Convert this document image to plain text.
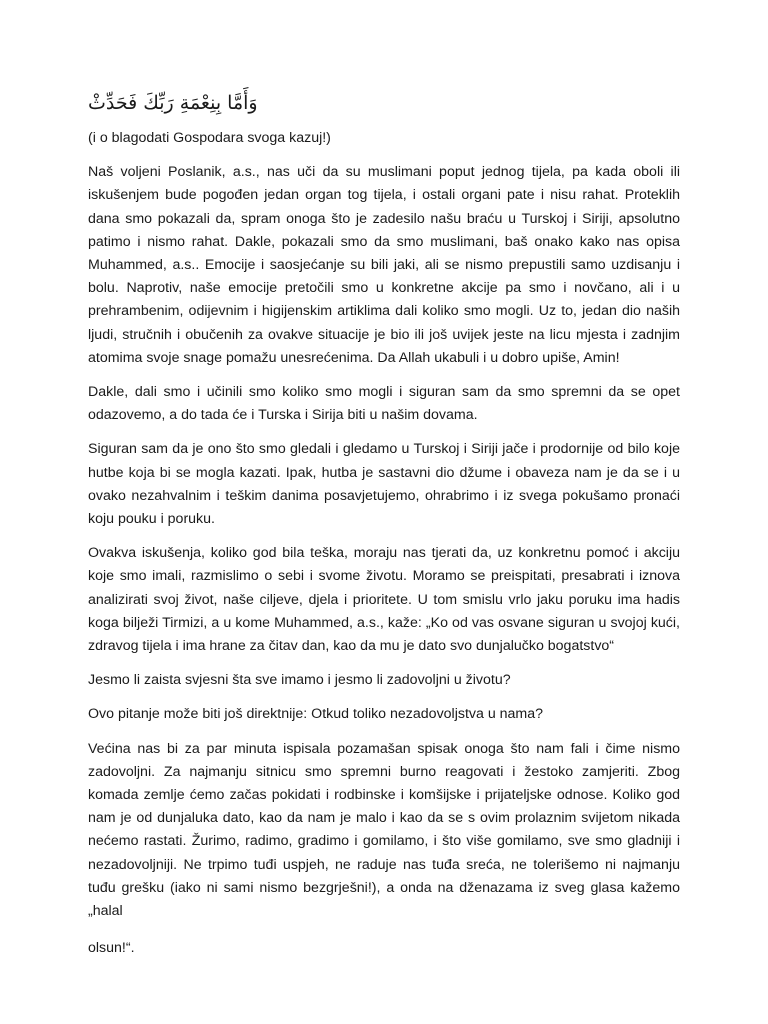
وَأَمَّا بِنِعْمَةِ رَبِّكَ فَحَدِّثْ

(i o blagodati Gospodara svoga kazuj!)

Naš voljeni Poslanik, a.s., nas uči da su muslimani poput jednog tijela, pa kada oboli ili iskušenjem bude pogođen jedan organ tog tijela, i ostali organi pate i nisu rahat. Proteklih dana smo pokazali da, spram onoga što je zadesilo našu braću u Turskoj i Siriji, apsolutno patimo i nismo rahat. Dakle, pokazali smo da smo muslimani, baš onako kako nas opisa Muhammed, a.s.. Emocije i saosjećanje su bili jaki, ali se nismo prepustili samo uzdisanju i bolu. Naprotiv, naše emocije pretočili smo u konkretne akcije pa smo i novčano, ali i u prehrambenim, odijevnim i higijenskim artiklima dali koliko smo mogli. Uz to, jedan dio naših ljudi, stručnih i obučenih za ovakve situacije je bio ili još uvijek jeste na licu mjesta i zadnjim atomima svoje snage pomažu unesrećenima. Da Allah ukabuli i u dobro upiše, Amin!

Dakle, dali smo i učinili smo koliko smo mogli i siguran sam da smo spremni da se opet odazovemo, a do tada će i Turska i Sirija biti u našim dovama.

Siguran sam da je ono što smo gledali i gledamo u Turskoj i Siriji jače i prodornije od bilo koje hutbe koja bi se mogla kazati. Ipak, hutba je sastavni dio džume i obaveza nam je da se i u ovako nezahvalnim i teškim danima posavjetujemo, ohrabrimo i iz svega pokušamo pronaći koju pouku i poruku.

Ovakva iskušenja, koliko god bila teška, moraju nas tjerati da, uz konkretnu pomoć i akciju koje smo imali, razmislimo o sebi i svome životu. Moramo se preispitati, presabrati i iznova analizirati svoj život, naše ciljeve, djela i prioritete. U tom smislu vrlo jaku poruku ima hadis koga bilježi Tirmizi, a u kome Muhammed, a.s., kaže: „Ko od vas osvane siguran u svojoj kući, zdravog tijela i ima hrane za čitav dan, kao da mu je dato svo dunjalučko bogatstvo“

Jesmo li zaista svjesni šta sve imamo i jesmo li zadovoljni u životu?

Ovo pitanje može biti još direktnije: Otkud toliko nezadovoljstva u nama?

Većina nas bi za par minuta ispisala pozamašan spisak onoga što nam fali i čime nismo zadovoljni. Za najmanju sitnicu smo spremni burno reagovati i žestoko zamjeriti. Zbog komada zemlje ćemo začas pokidati i rodbinske i komšijske i prijateljske odnose. Koliko god nam je od dunjaluka dato, kao da nam je malo i kao da se s ovim prolaznim svijetom nikada nećemo rastati. Žurimo, radimo, gradimo i gomilamo, i što više gomilamo, sve smo gladniji i nezadovoljniji. Ne trpimo tuđi uspjeh, ne raduje nas tuđa sreća, ne tolerišemo ni najmanju tuđu grešku (iako ni sami nismo bezgrješni!), a onda na dženazama iz sveg glasa kažemo „halal

olsun!“.
